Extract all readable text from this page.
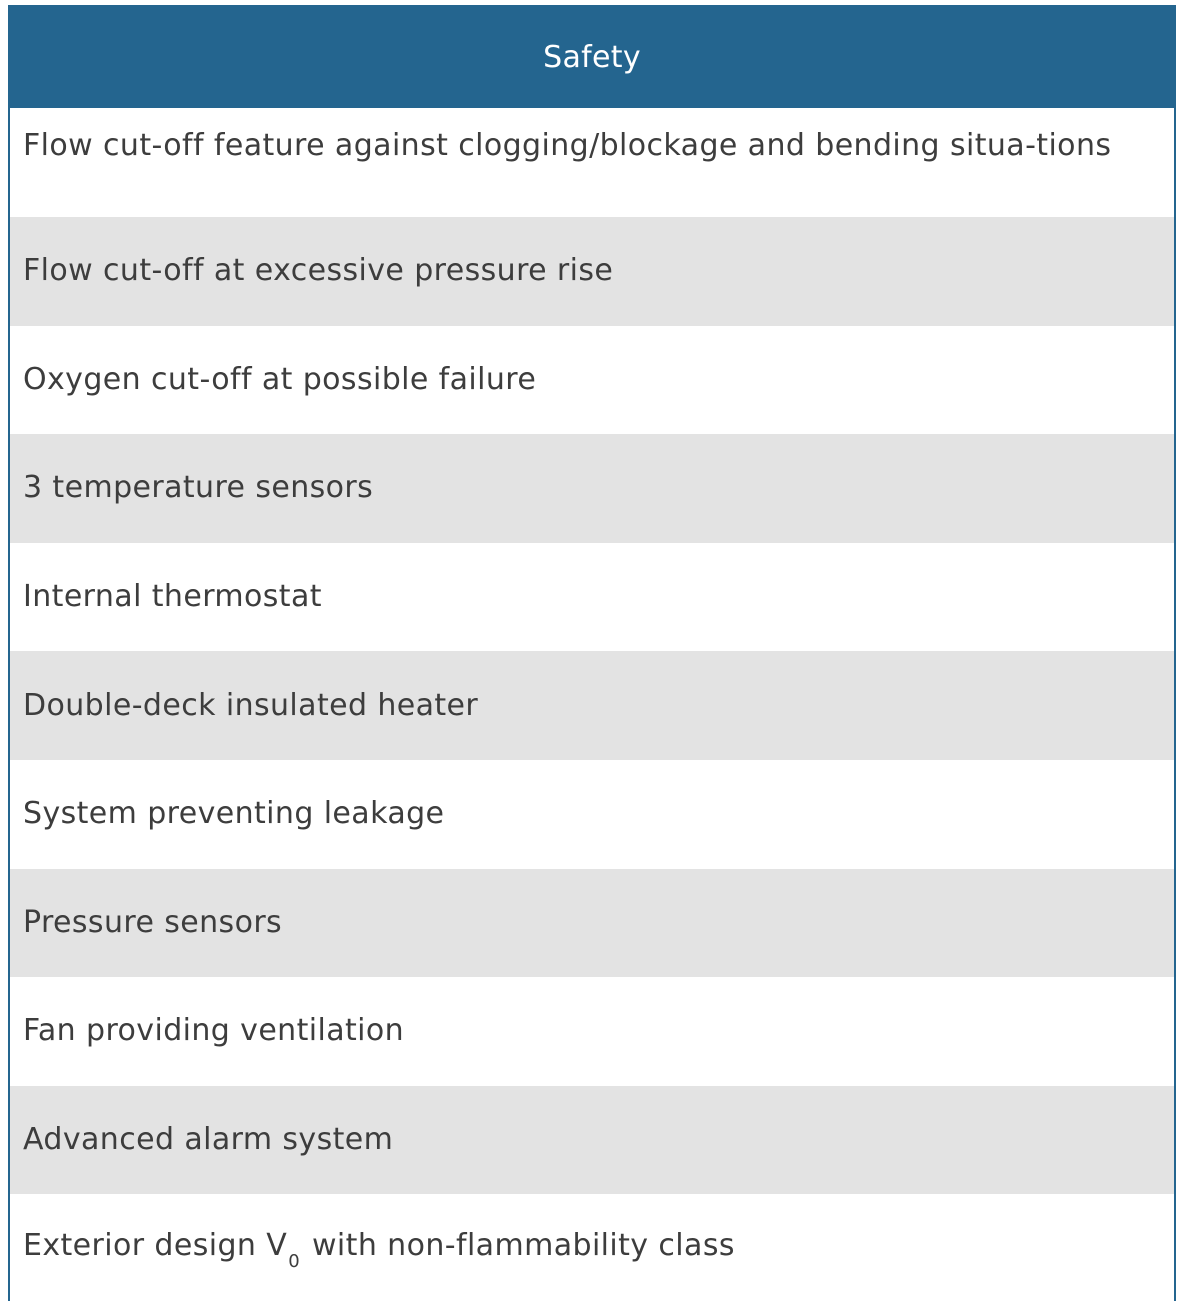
Safety
Flow cut-off feature against clogging/blockage and bending situa-tions
Flow cut-off at excessive pressure rise
Oxygen cut-off at possible failure
3 temperature sensors
Internal thermostat
Double-deck insulated heater
System preventing leakage
Pressure sensors
Fan providing ventilation
Advanced alarm system
Exterior design $V_0$ with non-flammability class
